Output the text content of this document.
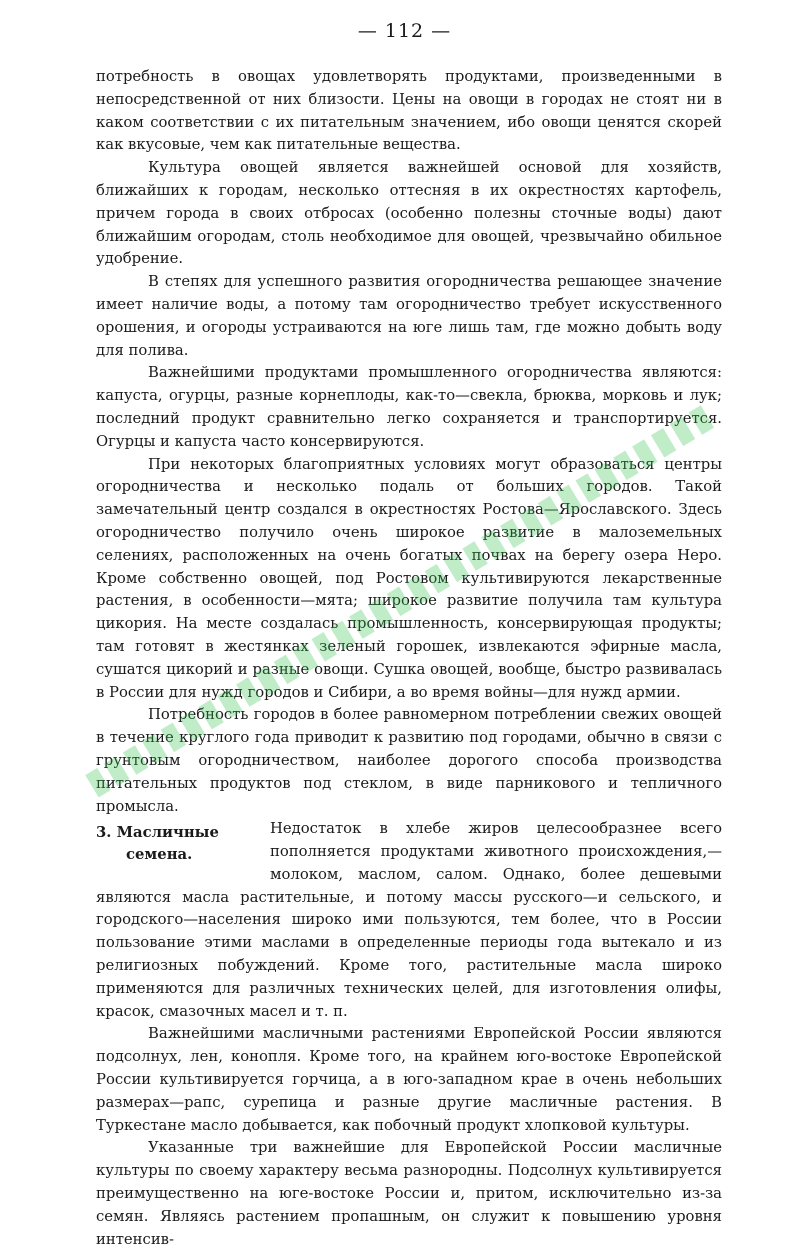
— 112 —

потребность в овощах удовлетворять продуктами, произведенными в непосредственной от них близости. Цены на овощи в городах не стоят ни в каком соответствии с их питательным значением, ибо овощи ценятся скорей как вкусовые, чем как питательные вещества.

Культура овощей является важнейшей основой для хозяйств, ближайших к городам, несколько оттесняя в их окрестностях картофель, причем города в своих отбросах (особенно полезны сточные воды) дают ближайшим огородам, столь необходимое для овощей, чрезвычайно обильное удобрение.

В степях для успешного развития огородничества решающее значение имеет наличие воды, а потому там огородничество требует искусственного орошения, и огороды устраиваются на юге лишь там, где можно добыть воду для полива.

Важнейшими продуктами промышленного огородничества являются: капуста, огурцы, разные корнеплоды, как-то—свекла, брюква, морковь и лук; последний продукт сравнительно легко сохраняется и транспортируется. Огурцы и капуста часто консервируются.

При некоторых благоприятных условиях могут образоваться центры огородничества и несколько подаль от больших городов. Такой замечательный центр создался в окрестностях Ростова—Ярославского. Здесь огородничество получило очень широкое развитие в малоземельных селениях, расположенных на очень богатых почвах на берегу озера Неро. Кроме собственно овощей, под Ростовом культивируются лекарственные растения, в особенности—мята; широкое развитие получила там культура цикория. На месте создалась промышленность, консервирующая продукты; там готовят в жестянках зеленый горошек, извлекаются эфирные масла, сушатся цикорий и разные овощи. Сушка овощей, вообще, быстро развивалась в России для нужд городов и Сибири, а во время войны—для нужд армии.

Потребность городов в более равномерном потреблении свежих овощей в течение круглого года приводит к развитию под городами, обычно в связи с грунтовым огородничеством, наиболее дорогого способа производства питательных продуктов под стеклом, в виде парникового и тепличного промысла.

3. Масличные
семена.

Недостаток в хлебе жиров целесообразнее всего пополняется продуктами животного происхождения,—молоком, маслом, салом. Однако, более дешевыми являются масла растительные, и потому массы русского—и сельского, и городского—населения широко ими пользуются, тем более, что в России пользование этими маслами в определенные периоды года вытекало и из религиозных побуждений. Кроме того, растительные масла широко применяются для различных технических целей, для изготовления олифы, красок, смазочных масел и т. п.

Важнейшими масличными растениями Европейской России являются подсолнух, лен, конопля. Кроме того, на крайнем юго-востоке Европейской России культивируется горчица, а в юго-западном крае в очень небольших размерах—рапс, сурепица и разные другие масличные растения. В Туркестане масло добывается, как побочный продукт хлопковой культуры.

Указанные три важнейшие для Европейской России масличные культуры по своему характеру весьма разнородны. Подсолнух культивируется преимущественно на юге-востоке России и, притом, исключительно из-за семян. Являясь растением пропашным, он служит к повышению уровня интенсив-
